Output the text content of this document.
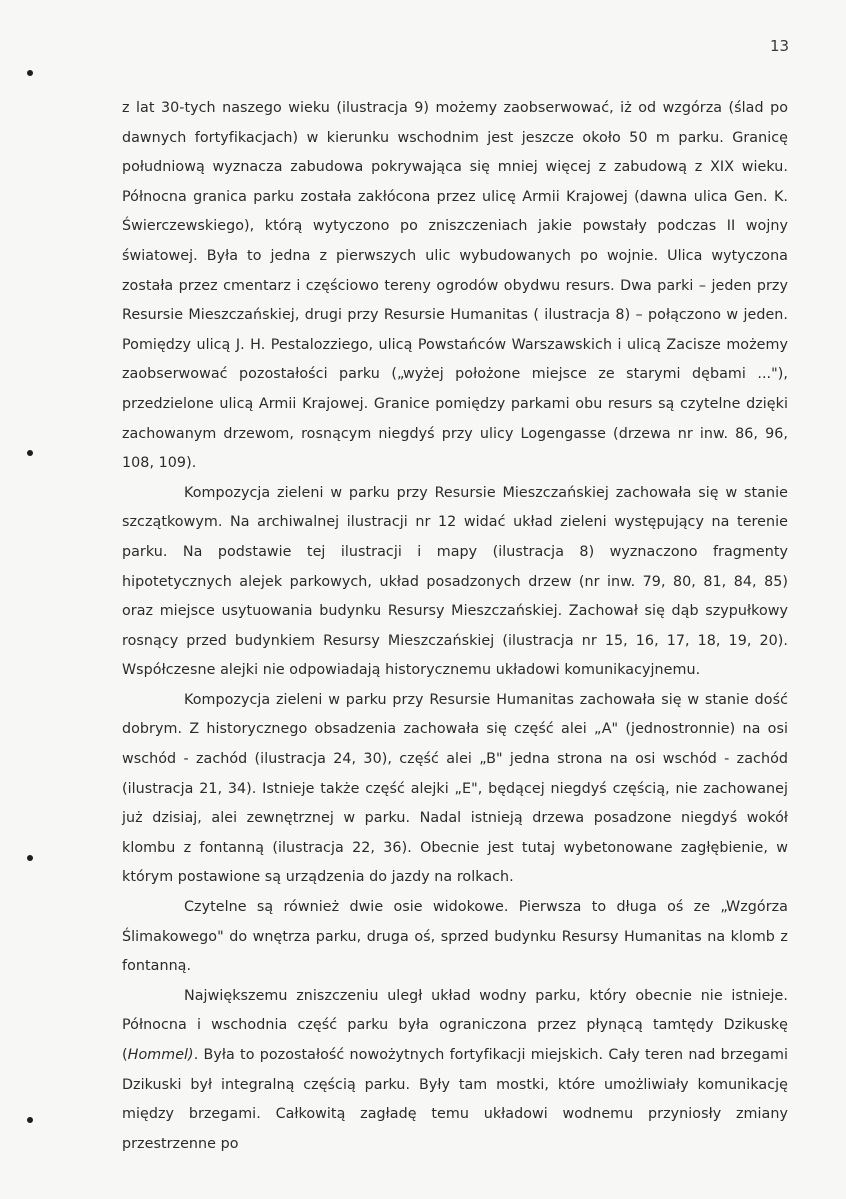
13

z lat 30-tych naszego wieku (ilustracja 9) możemy zaobserwować, iż od wzgórza (ślad po dawnych fortyfikacjach) w kierunku wschodnim jest jeszcze około 50 m parku. Granicę południową wyznacza zabudowa pokrywająca się mniej więcej z zabudową z XIX wieku. Północna granica parku została zakłócona przez ulicę Armii Krajowej (dawna ulica Gen. K. Świerczewskiego), którą wytyczono po zniszczeniach jakie powstały podczas II wojny światowej. Była to jedna z pierwszych ulic wybudowanych po wojnie. Ulica wytyczona została przez cmentarz i częściowo tereny ogrodów obydwu resurs. Dwa parki – jeden przy Resursie Mieszczańskiej, drugi przy Resursie Humanitas ( ilustracja 8) – połączono w jeden. Pomiędzy ulicą J. H. Pestalozziego, ulicą Powstańców Warszawskich i ulicą Zacisze możemy zaobserwować pozostałości parku („wyżej położone miejsce ze starymi dębami ..."), przedzielone ulicą Armii Krajowej. Granice pomiędzy parkami obu resurs są czytelne dzięki zachowanym drzewom, rosnącym niegdyś przy ulicy Logengasse (drzewa nr inw. 86, 96, 108, 109).

Kompozycja zieleni w parku przy Resursie Mieszczańskiej zachowała się w stanie szczątkowym. Na archiwalnej ilustracji nr 12 widać układ zieleni występujący na terenie parku. Na podstawie tej ilustracji i mapy (ilustracja 8) wyznaczono fragmenty hipotetycznych alejek parkowych, układ posadzonych drzew (nr inw. 79, 80, 81, 84, 85) oraz miejsce usytuowania budynku Resursy Mieszczańskiej. Zachował się dąb szypułkowy rosnący przed budynkiem Resursy Mieszczańskiej (ilustracja nr 15, 16, 17, 18, 19, 20). Współczesne alejki nie odpowiadają historycznemu układowi komunikacyjnemu.

Kompozycja zieleni w parku przy Resursie Humanitas zachowała się w stanie dość dobrym. Z historycznego obsadzenia zachowała się część alei „A" (jednostronnie) na osi wschód - zachód (ilustracja 24, 30), część alei „B" jedna strona na osi wschód - zachód (ilustracja 21, 34). Istnieje także część alejki „E", będącej niegdyś częścią, nie zachowanej już dzisiaj, alei zewnętrznej w parku. Nadal istnieją drzewa posadzone niegdyś wokół klombu z fontanną (ilustracja 22, 36). Obecnie jest tutaj wybetonowane zagłębienie, w którym postawione są urządzenia do jazdy na rolkach.

Czytelne są również dwie osie widokowe. Pierwsza to długa oś ze „Wzgórza Ślimakowego" do wnętrza parku, druga oś, sprzed budynku Resursy Humanitas na klomb z fontanną.

Największemu zniszczeniu uległ układ wodny parku, który obecnie nie istnieje. Północna i wschodnia część parku była ograniczona przez płynącą tamtędy Dzikuskę (Hommel). Była to pozostałość nowożytnych fortyfikacji miejskich. Cały teren nad brzegami Dzikuski był integralną częścią parku. Były tam mostki, które umożliwiały komunikację między brzegami. Całkowitą zagładę temu układowi wodnemu przyniosły zmiany przestrzenne po
